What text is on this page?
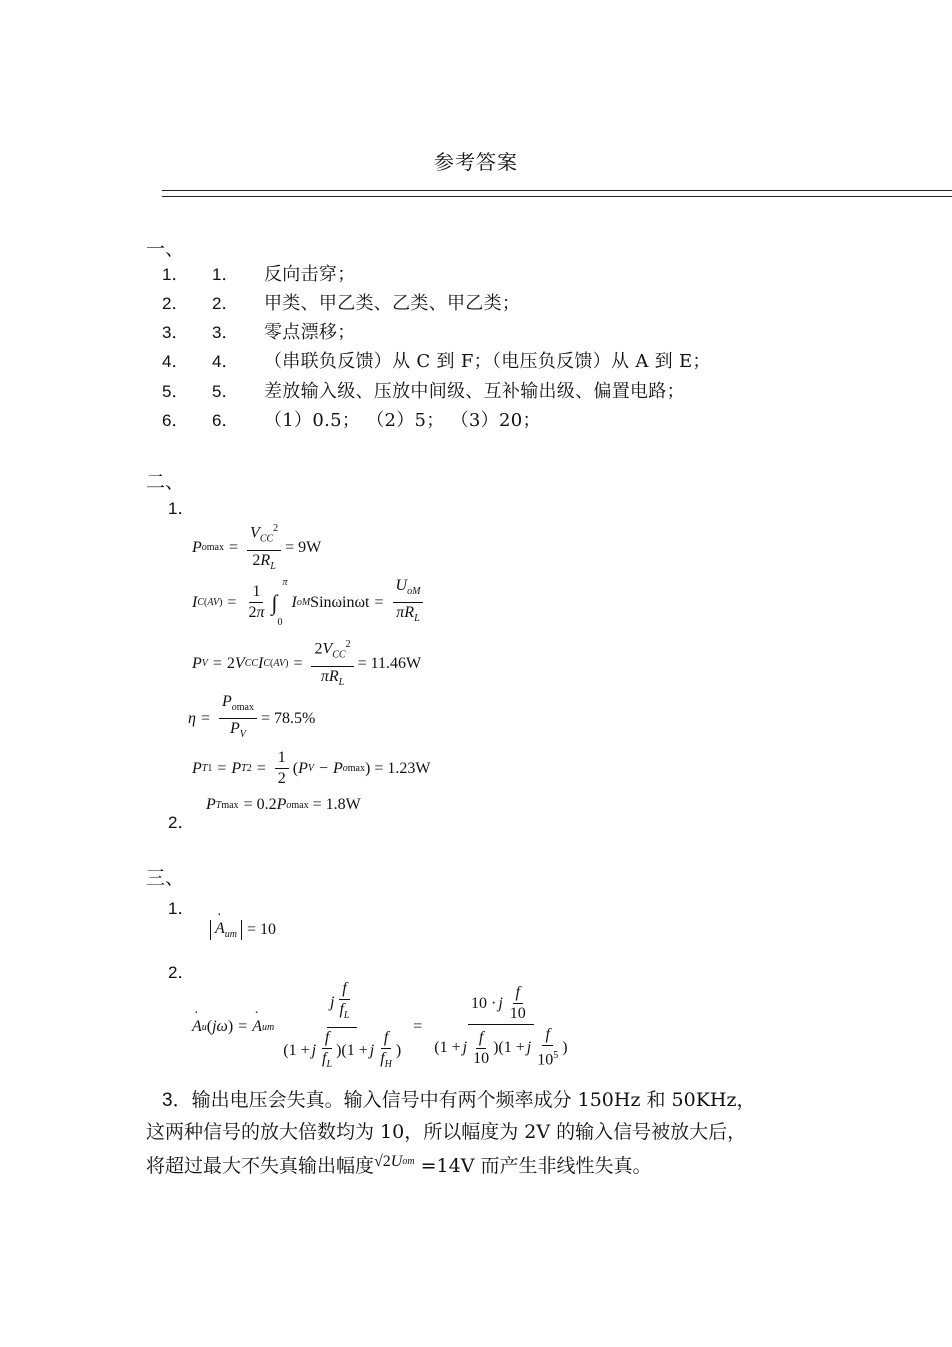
参考答案
一、
1． 1． 反向击穿；
2． 2． 甲类、甲乙类、乙类、甲乙类；
3． 3． 零点漂移；
4． 4． （串联负反馈）从 C 到 F；（电压负反馈）从 A 到 E；
5． 5． 差放输入级、压放中间级、互补输出级、偏置电路；
6． 6． （1）0.5； （2）5； （3）20；
二、
1．
P $omax = \frac{V_{CC}^2}{2R_L} = 9W$
I $C(AV) = \frac{1}{2\pi}$ ∫
0
π
I oM $Sin\omega in\omega t = \frac{U_{oM}}{\pi R_L}$
P V = 2 V CC I $C(AV) = \frac{2V_{CC}^2}{\pi R_L} = 11.46W$
$\eta = \frac{P_{omax}}{P_V} = 78.5\%$
P T1 = P $T2 = \frac{1}{2}$ ( P V − P omax ) = 1.23W
2．
P Tmax = 0.2 P omax = 1.8W
三、
1．
· $A_{um} = 10$
2．
· A u ( jω ) =
· A um $\frac{j \frac{f}{f_L}}{(1 + j \frac{f}{f_L} )(1 + j \frac{f}{f_H} )} = \frac{10 \cdot j \frac{f}{10}}{(1 + j \frac{f}{10} )(1 + j \frac{f}{10^5} )}$
3．输出电压会失真。输入信号中有两个频率成分 150Hz 和 50KHz，
这两种信号的放大倍数均为 10，所以幅度为 2V 的输入信号被放大后，
将超过最大不失真输出幅度√2 U om =14V 而产生非线性失真。
